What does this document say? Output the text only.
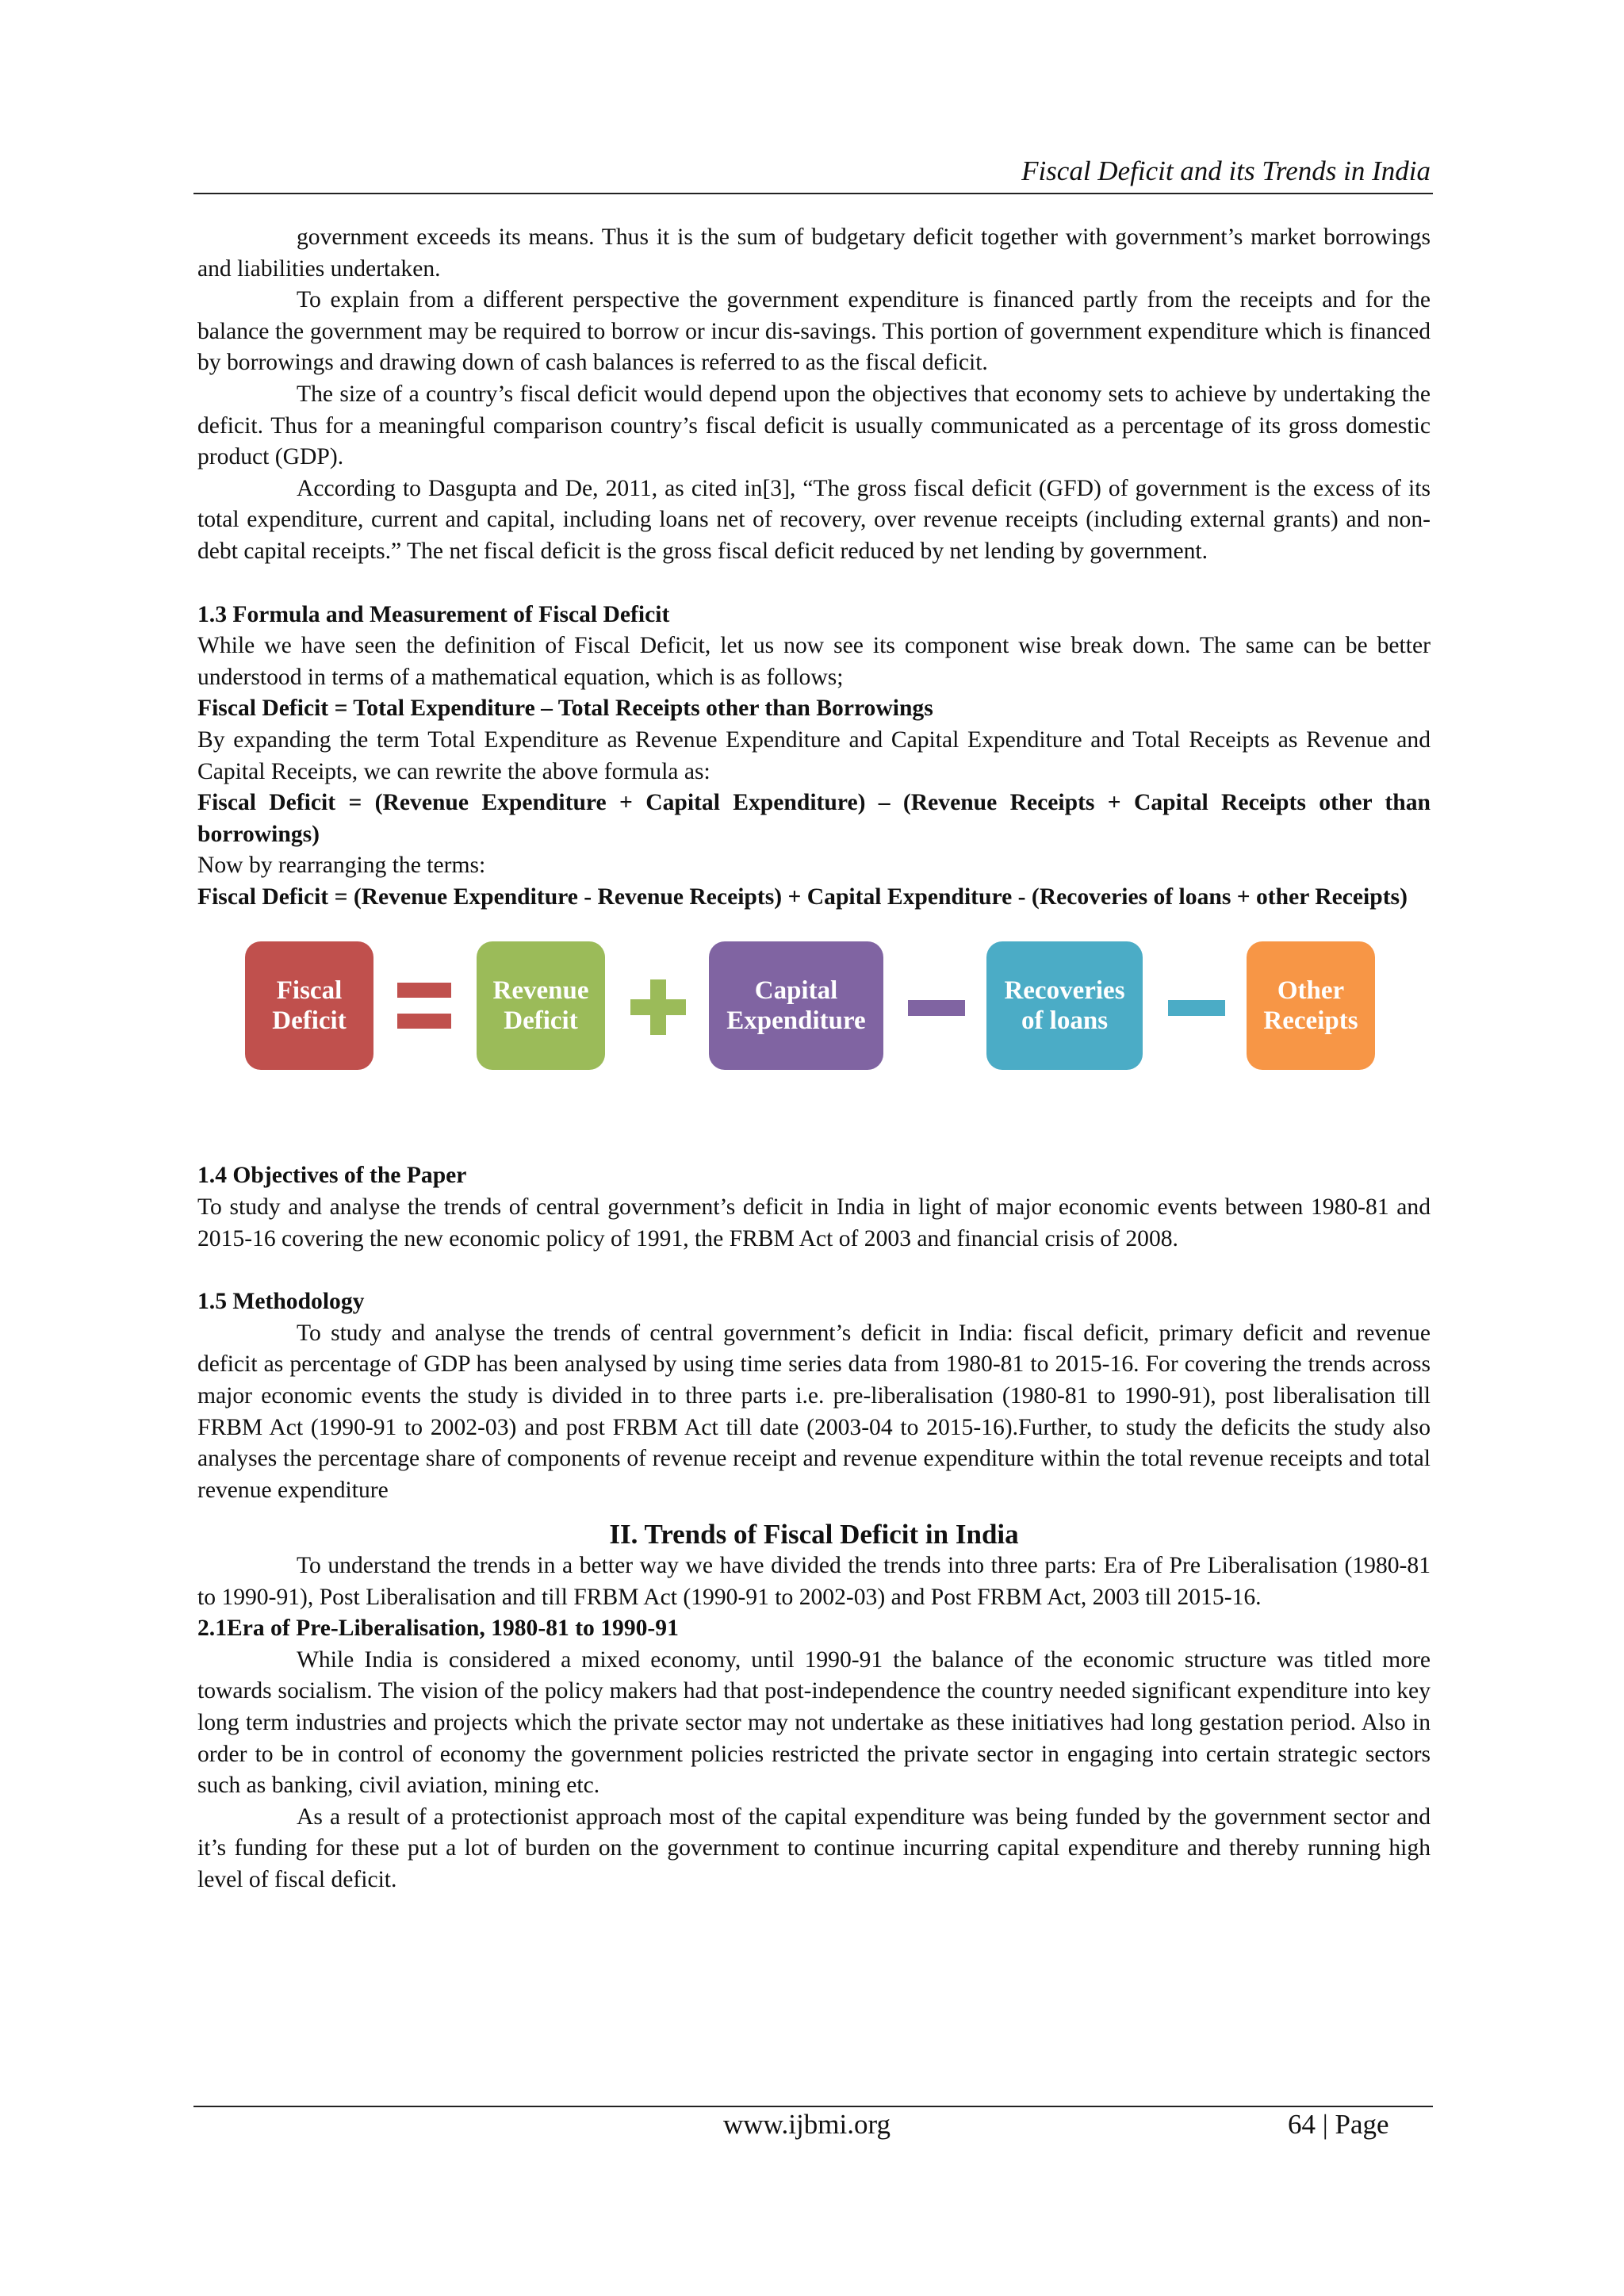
Fiscal Deficit and its Trends in India

government exceeds its means. Thus it is the sum of budgetary deficit together with government’s market borrowings and liabilities undertaken.

To explain from a different perspective the government expenditure is financed partly from the receipts and for the balance the government may be required to borrow or incur dis-savings. This portion of government expenditure which is financed by borrowings and drawing down of cash balances is referred to as the fiscal deficit.

The size of a country’s fiscal deficit would depend upon the objectives that economy sets to achieve by undertaking the deficit. Thus for a meaningful comparison country’s fiscal deficit is usually communicated as a percentage of its gross domestic product (GDP).

According to Dasgupta and De, 2011, as cited in[3], “The gross fiscal deficit (GFD) of government is the excess of its total expenditure, current and capital, including loans net of recovery, over revenue receipts (including external grants) and non-debt capital receipts.” The net fiscal deficit is the gross fiscal deficit reduced by net lending by government.

1.3 Formula and Measurement of Fiscal Deficit

While we have seen the definition of Fiscal Deficit, let us now see its component wise break down. The same can be better understood in terms of a mathematical equation, which is as follows;

Fiscal Deficit = Total Expenditure – Total Receipts other than Borrowings

By expanding the term Total Expenditure as Revenue Expenditure and Capital Expenditure and Total Receipts as Revenue and Capital Receipts, we can rewrite the above formula as:

Fiscal Deficit = (Revenue Expenditure + Capital Expenditure) – (Revenue Receipts + Capital Receipts other than borrowings)

Now by rearranging the terms:

Fiscal Deficit = (Revenue Expenditure - Revenue Receipts) + Capital Expenditure - (Recoveries of loans + other Receipts)

Fiscal
Deficit
Revenue
Deficit
Capital
Expenditure
Recoveries
of loans
Other
Receipts

1.4 Objectives of the Paper

To study and analyse the trends of central government’s deficit in India in light of major economic events between 1980-81 and 2015-16 covering the new economic policy of 1991, the FRBM Act of 2003 and financial crisis of 2008.

1.5 Methodology

To study and analyse the trends of central government’s deficit in India: fiscal deficit, primary deficit and revenue deficit as percentage of GDP has been analysed by using time series data from 1980-81 to 2015-16. For covering the trends across major economic events the study is divided in to three parts i.e. pre-liberalisation (1980-81 to 1990-91), post liberalisation till FRBM Act (1990-91 to 2002-03) and post FRBM Act till date (2003-04 to 2015-16).Further, to study the deficits the study also analyses the percentage share of components of revenue receipt and revenue expenditure within the total revenue receipts and total revenue expenditure

II. Trends of Fiscal Deficit in India

To understand the trends in a better way we have divided the trends into three parts: Era of Pre Liberalisation (1980-81 to 1990-91), Post Liberalisation and till FRBM Act (1990-91 to 2002-03) and Post FRBM Act, 2003 till 2015-16.

2.1Era of Pre-Liberalisation, 1980-81 to 1990-91

While India is considered a mixed economy, until 1990-91 the balance of the economic structure was titled more towards socialism. The vision of the policy makers had that post-independence the country needed significant expenditure into key long term industries and projects which the private sector may not undertake as these initiatives had long gestation period. Also in order to be in control of economy the government policies restricted the private sector in engaging into certain strategic sectors such as banking, civil aviation, mining etc.

As a result of a protectionist approach most of the capital expenditure was being funded by the government sector and it’s funding for these put a lot of burden on the government to continue incurring capital expenditure and thereby running high level of fiscal deficit.

www.ijbmi.org	64 | Page
